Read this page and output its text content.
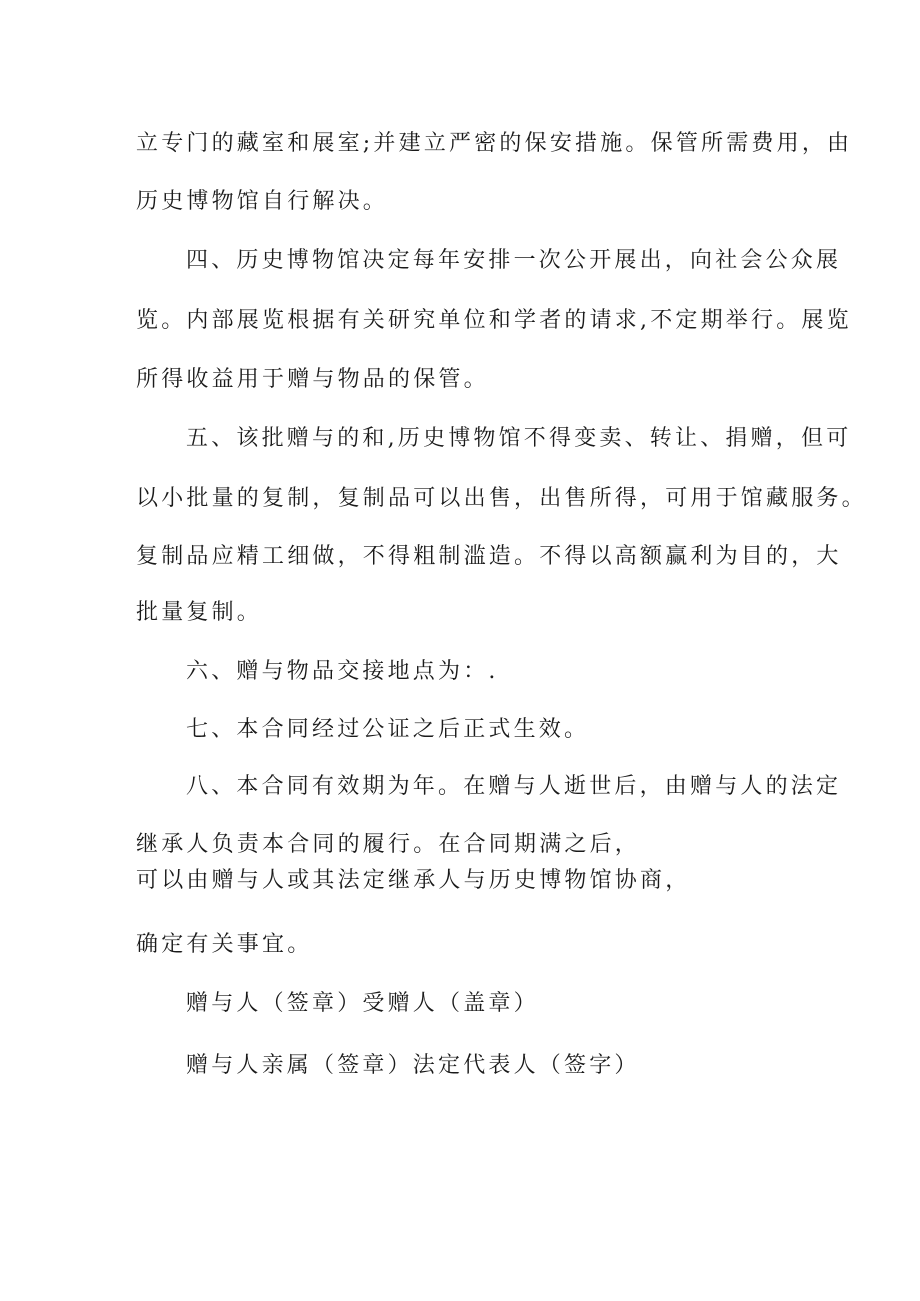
立专门的藏室和展室;并建立严密的保安措施。保管所需费用，由
历史博物馆自行解决。
四、历史博物馆决定每年安排一次公开展出，向社会公众展
览。内部展览根据有关研究单位和学者的请求,不定期举行。展览
所得收益用于赠与物品的保管。
五、该批赠与的和,历史博物馆不得变卖、转让、捐赠，但可
以小批量的复制，复制品可以出售，出售所得，可用于馆藏服务。
复制品应精工细做，不得粗制滥造。不得以高额赢利为目的，大
批量复制。
六、赠与物品交接地点为：.
七、本合同经过公证之后正式生效。
八、本合同有效期为年。在赠与人逝世后，由赠与人的法定
继承人负责本合同的履行。在合同期满之后，
可以由赠与人或其法定继承人与历史博物馆协商，
确定有关事宜。
赠与人（签章）受赠人（盖章）
赠与人亲属（签章）法定代表人（签字）
